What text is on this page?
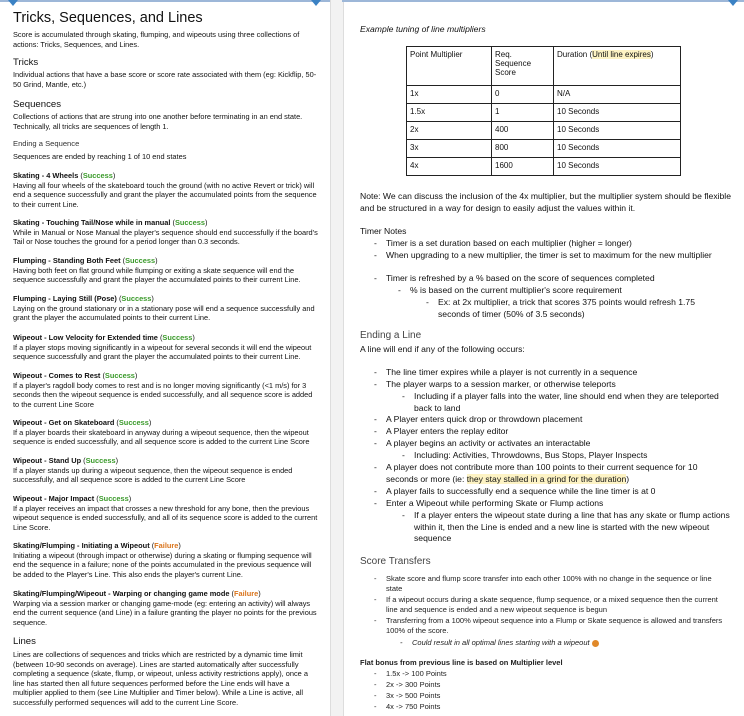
Tricks, Sequences, and Lines
Score is accumulated through skating, flumping, and wipeouts using three collections of actions: Tricks, Sequences, and Lines.
Tricks
Individual actions that have a base score or score rate associated with them (eg: Kickflip, 50-50 Grind, Mantle, etc.)
Sequences
Collections of actions that are strung into one another before terminating in an end state. Technically, all tricks are sequences of length 1.
Ending a Sequence
Sequences are ended by reaching 1 of 10 end states
Skating - 4 Wheels (Success)
Having all four wheels of the skateboard touch the ground (with no active Revert or trick) will end a sequence successfully and grant the player the accumulated points from the sequence to their current Line.
Skating - Touching Tail/Nose while in manual (Success)
While in Manual or Nose Manual the player's sequence should end successfully if the board's Tail or Nose touches the ground for a period longer than 0.3 seconds.
Flumping - Standing Both Feet (Success)
Having both feet on flat ground while flumping or exiting a skate sequence will end the sequence successfully and grant the player the accumulated points to their current Line.
Flumping - Laying Still (Pose) (Success)
Laying on the ground stationary or in a stationary pose will end a sequence successfully and grant the player the accumulated points to their current Line.
Wipeout - Low Velocity for Extended time (Success)
If a player stops moving significantly in a wipeout for several seconds it will end the wipeout sequence successfully and grant the player the accumulated points to their current Line.
Wipeout - Comes to Rest (Success)
If a player's ragdoll body comes to rest and is no longer moving significantly (<1 m/s) for 3 seconds then the wipeout sequence is ended successfully, and all sequence score is added to the current Line Score
Wipeout - Get on Skateboard (Success)
If a player boards their skateboard in anyway during a wipeout sequence, then the wipeout sequence is ended successfully, and all sequence score is added to the current Line Score
Wipeout - Stand Up (Success)
If a player stands up during a wipeout sequence, then the wipeout sequence is ended successfully, and all sequence score is added to the current Line Score
Wipeout - Major Impact (Success)
If a player receives an impact that crosses a new threshold for any bone, then the previous wipeout sequence is ended successfully, and all of its sequence score is added to the current Line Score.
Skating/Flumping - Initiating a Wipeout (Failure)
Initiating a wipeout (through impact or otherwise) during a skating or flumping sequence will end the sequence in a failure; none of the points accumulated in the previous sequence will be added to the Player's Line. This also ends the player's current Line.
Skating/Flumping/Wipeout - Warping or changing game mode (Failure)
Warping via a session marker or changing game-mode (eg: entering an activity) will always end the current sequence (and Line) in a failure granting the player no points for the previous sequence.
Lines
Lines are collections of sequences and tricks which are restricted by a dynamic time limit (between 10-90 seconds on average). Lines are started automatically after successfully completing a sequence (skate, flump, or wipeout, unless activity restrictions apply), once a line has started then all future sequences performed before the Line ends will have a multiplier applied to them (see Line Multiplier and Timer below). While a Line is active, all successfully performed sequences will add to the current Line Score.
Example tuning of line multipliers
Point Multiplier	Req. Sequence Score	Duration (Until line expires)
1x	0	N/A
1.5x	1	10 Seconds
2x	400	10 Seconds
3x	800	10 Seconds
4x	1600	10 Seconds
Note: We can discuss the inclusion of the 4x multiplier, but the multiplier system should be flexible and be structured in a way for design to easily adjust the values within it.
Timer Notes
- Timer is a set duration based on each multiplier (higher = longer)
- When upgrading to a new multiplier, the timer is set to maximum for the new multiplier
- Timer is refreshed by a % based on the score of sequences completed
- % is based on the current multiplier's score requirement
- Ex: at 2x multiplier, a trick that scores 375 points would refresh 1.75 seconds of timer (50% of 3.5 seconds)
Ending a Line
A line will end if any of the following occurs:
- The line timer expires while a player is not currently in a sequence
- The player warps to a session marker, or otherwise teleports
- Including if a player falls into the water, line should end when they are teleported back to land
- A Player enters quick drop or throwdown placement
- A Player enters the replay editor
- A player begins an activity or activates an interactable
- Including: Activities, Throwdowns, Bus Stops, Player Inspects
- A player does not contribute more than 100 points to their current sequence for 10 seconds or more (ie: they stay stalled in a grind for the duration)
- A player fails to successfully end a sequence while the line timer is at 0
- Enter a Wipeout while performing Skate or Flump actions
- If a player enters the wipeout state during a line that has any skate or flump actions within it, then the Line is ended and a new line is started with the new wipeout sequence
Score Transfers
- Skate score and flump score transfer into each other 100% with no change in the sequence or line state
- If a wipeout occurs during a skate sequence, flump sequence, or a mixed sequence then the current line and sequence is ended and a new wipeout sequence is begun
- Transferring from a 100% wipeout sequence into a Flump or Skate sequence is allowed and transfers 100% of the score.
- Could result in all optimal lines starting with a wipeout
Flat bonus from previous line is based on Multiplier level
- 1.5x -> 100 Points
- 2x -> 300 Points
- 3x -> 500 Points
- 4x -> 750 Points
